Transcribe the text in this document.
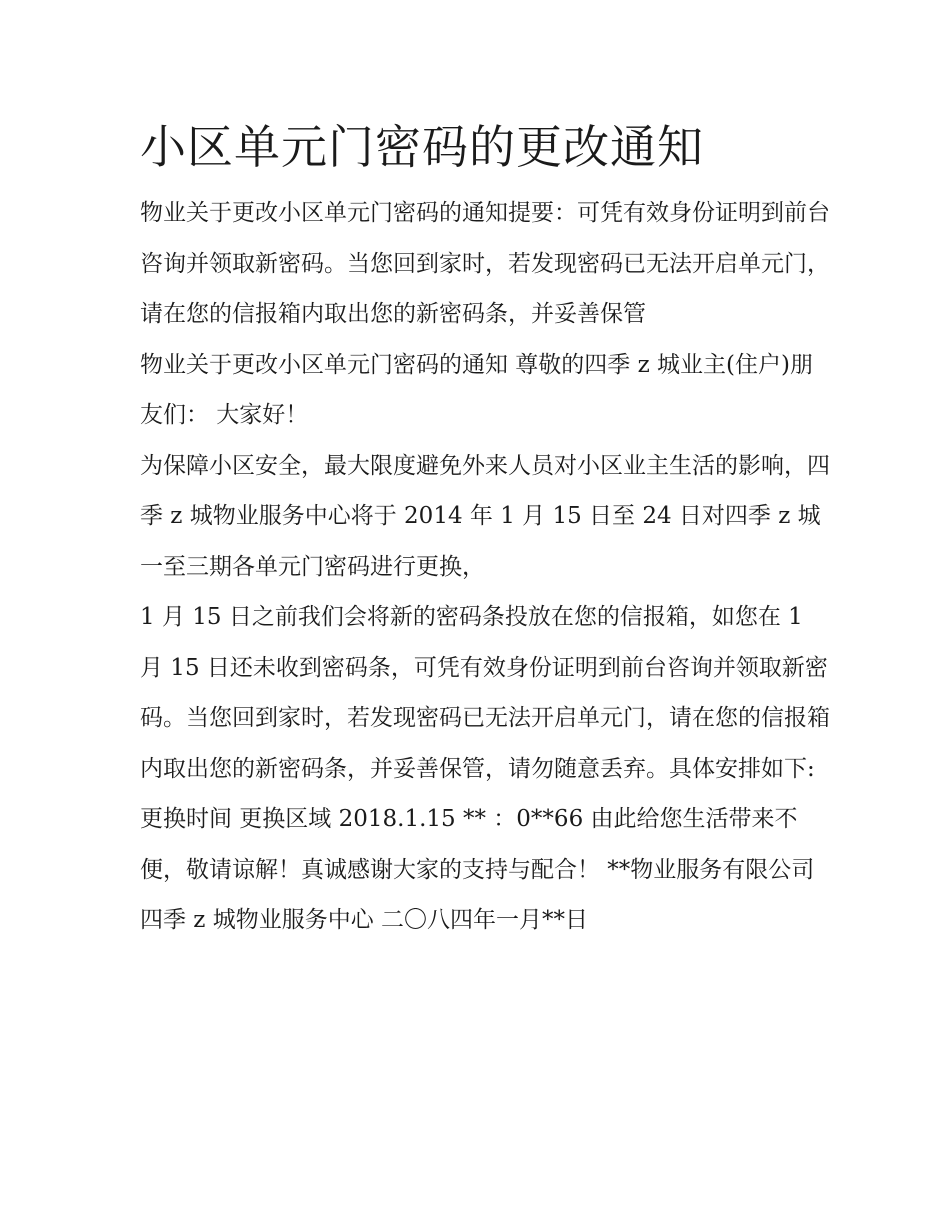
小区单元门密码的更改通知

物业关于更改小区单元门密码的通知提要：可凭有效身份证明到前台咨询并领取新密码。当您回到家时，若发现密码已无法开启单元门，请在您的信报箱内取出您的新密码条，并妥善保管

物业关于更改小区单元门密码的通知 尊敬的四季 z 城业主(住户)朋友们： 大家好！

为保障小区安全，最大限度避免外来人员对小区业主生活的影响，四季 z 城物业服务中心将于 2014 年 1 月 15 日至 24 日对四季 z 城一至三期各单元门密码进行更换，

1 月 15 日之前我们会将新的密码条投放在您的信报箱，如您在 1 月 15 日还未收到密码条，可凭有效身份证明到前台咨询并领取新密码。当您回到家时，若发现密码已无法开启单元门，请在您的信报箱内取出您的新密码条，并妥善保管，请勿随意丢弃。具体安排如下:

更换时间 更换区域 2018.1.15 ** ：0**66 由此给您生活带来不便，敬请谅解！真诚感谢大家的支持与配合！ **物业服务有限公司

四季 z 城物业服务中心 二〇八四年一月**日
